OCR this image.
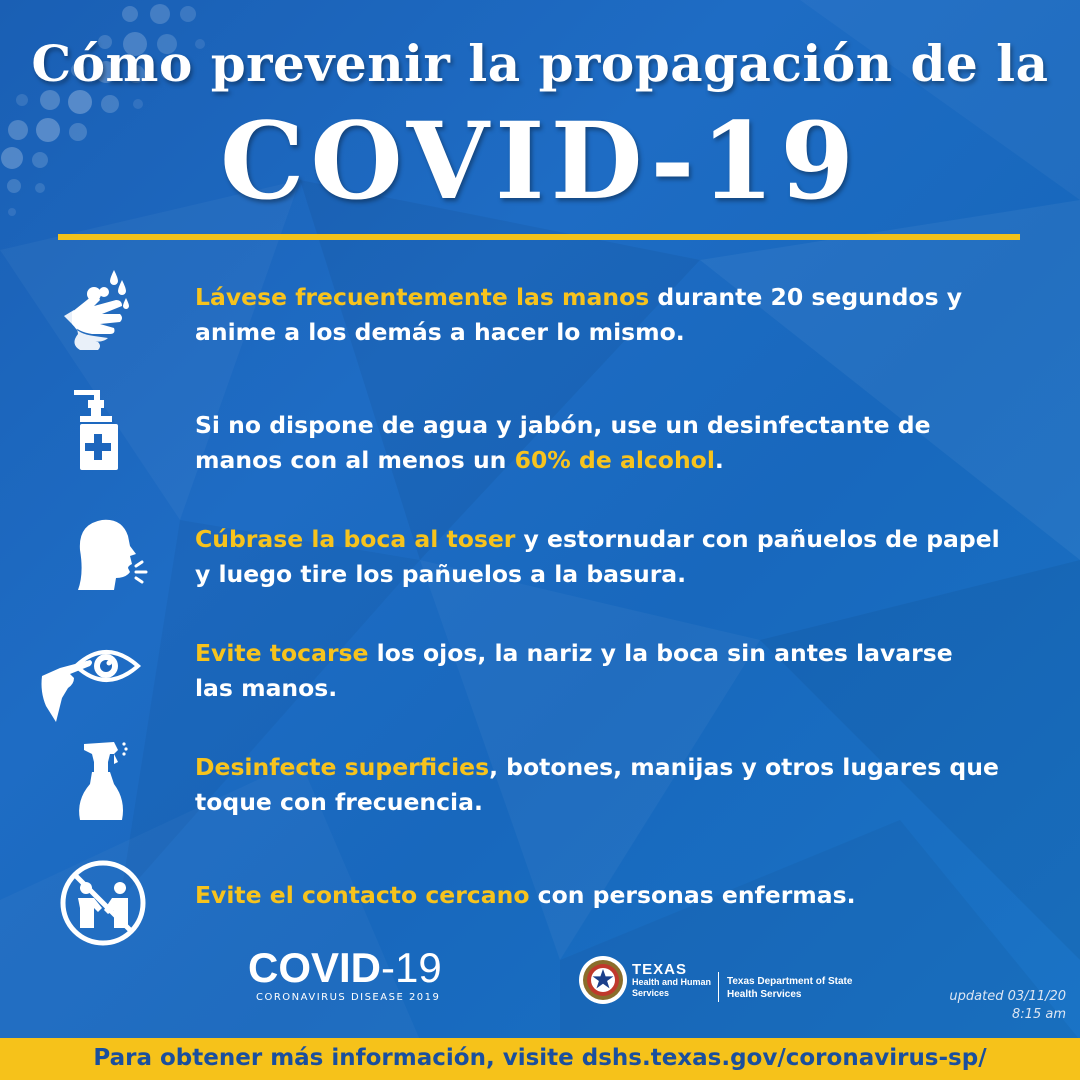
Cómo prevenir la propagación de la
COVID-19
Lávese frecuentemente las manos durante 20 segundos y
anime a los demás a hacer lo mismo.
Si no dispone de agua y jabón, use un desinfectante de
manos con al menos un 60% de alcohol.
Cúbrase la boca al toser y estornudar con pañuelos de papel
y luego tire los pañuelos a la basura.
Evite tocarse los ojos, la nariz y la boca sin antes lavarse
las manos.
Desinfecte superficies, botones, manijas y otros lugares que
toque con frecuencia.
Evite el contacto cercano con personas enfermas.
COVID-19
CORONAVIRUS DISEASE 2019
TEXAS
Health and Human
Services
Texas Department of State
Health Services	updated 03/11/20
8:15 am
Para obtener más información, visite dshs.texas.gov/coronavirus-sp/
